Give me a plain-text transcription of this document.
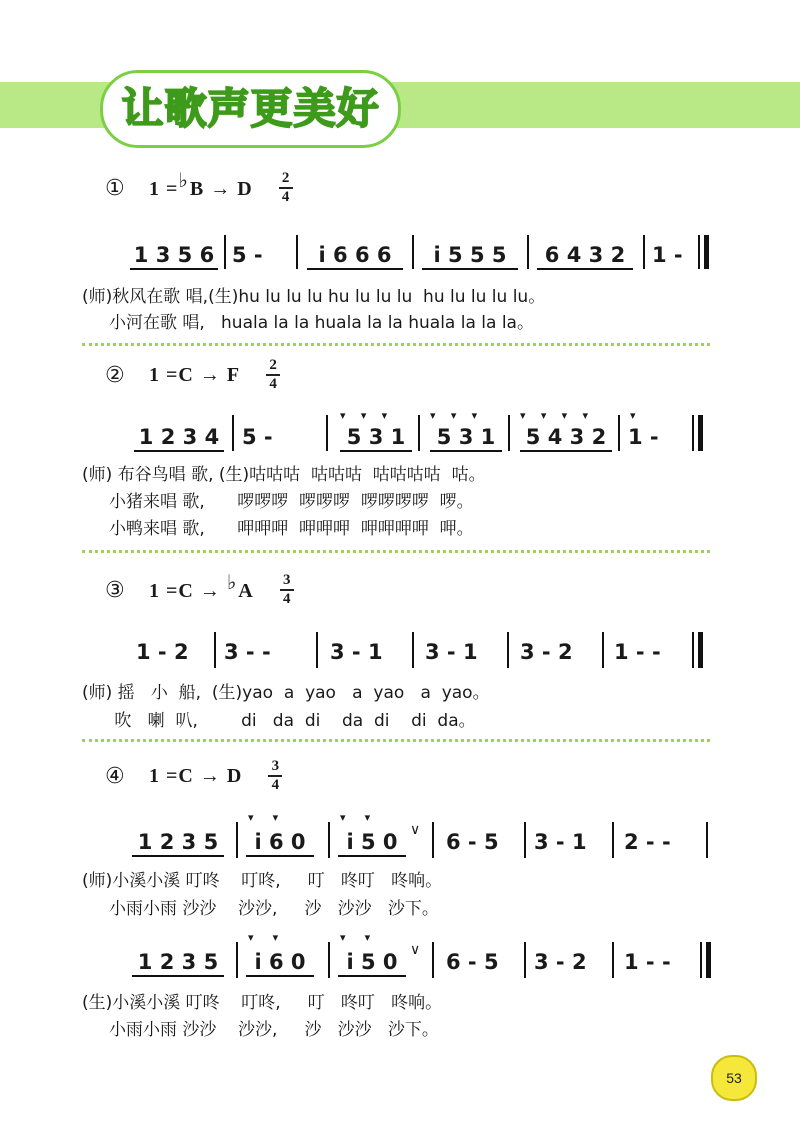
让歌声更美好
①	1 =♭B → D 2
4
1 3 5 6 5 -	i 6 6 6	i 5 5 5	6 4 3 2	1 -
(师)秋风在歌 唱,(生)hu lu lu lu hu lu lu lu  hu lu lu lu lu。
小河在歌 唱,   huala la la huala la la huala la la la。
②	1 =C → F 2
4
1 2 3 4	5 -	5 3 1	5 3 1	5 4 3 2	1 -
▾    ▾    ▾	▾    ▾    ▾	▾    ▾    ▾    ▾	▾
(师) 布谷鸟唱 歌, (生)咕咕咕  咕咕咕  咕咕咕咕  咕。
小猪来唱 歌,      啰啰啰  啰啰啰  啰啰啰啰  啰。
小鸭来唱 歌,      呷呷呷  呷呷呷  呷呷呷呷  呷。
③	1 =C → ♭A 3
4
1 - 2 3 - -	3 - 1 3 - 1 3 - 2 1 - -
(师) 摇   小  船,  (生)yao  a  yao   a  yao   a  yao。
吹   喇  叭,        di   da  di    da  di    di  da。
④	1 =C → D 3
4
▾     ▾	▾     ▾
1 2 3 5	i 6 0	i 5 0 ∨ 6 - 5 3 - 1 2 - -
(师)小溪小溪 叮咚    叮咚,     叮   咚叮   咚响。
小雨小雨 沙沙    沙沙,     沙   沙沙   沙下。
▾     ▾	▾     ▾
1 2 3 5	i 6 0	i 5 0 ∨ 6 - 5 3 - 2 1 - -
(生)小溪小溪 叮咚    叮咚,     叮   咚叮   咚响。
小雨小雨 沙沙    沙沙,     沙   沙沙   沙下。
53
